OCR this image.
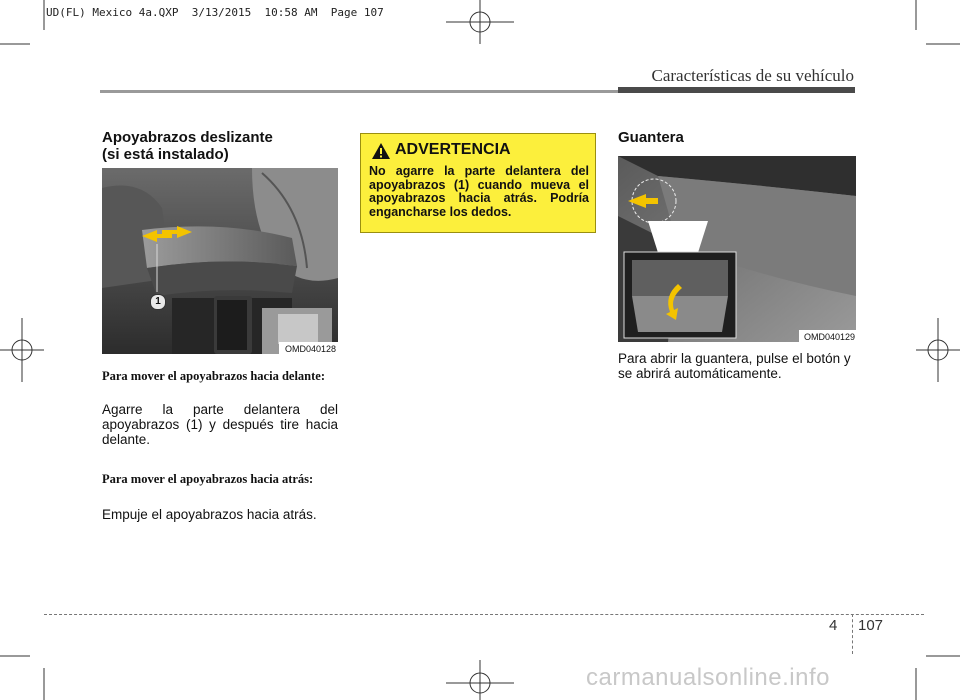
UD(FL) Mexico 4a.QXP  3/13/2015  10:58 AM  Page 107
Características de su vehículo
Apoyabrazos deslizante
(si está instalado)
1
OMD040128
Para mover el apoyabrazos hacia delante:
Agarre la parte delantera del apoyabrazos (1) y después tire hacia delante.
Para mover el apoyabrazos hacia atrás:
Empuje el apoyabrazos hacia atrás.
ADVERTENCIA
No agarre la parte delantera del apoyabrazos (1) cuando mueva el apoyabrazos hacia atrás. Podría engancharse los dedos.
Guantera
OMD040129
Para abrir la guantera, pulse el botón y se abrirá automáticamente.
4 107
carmanualsonline.info
